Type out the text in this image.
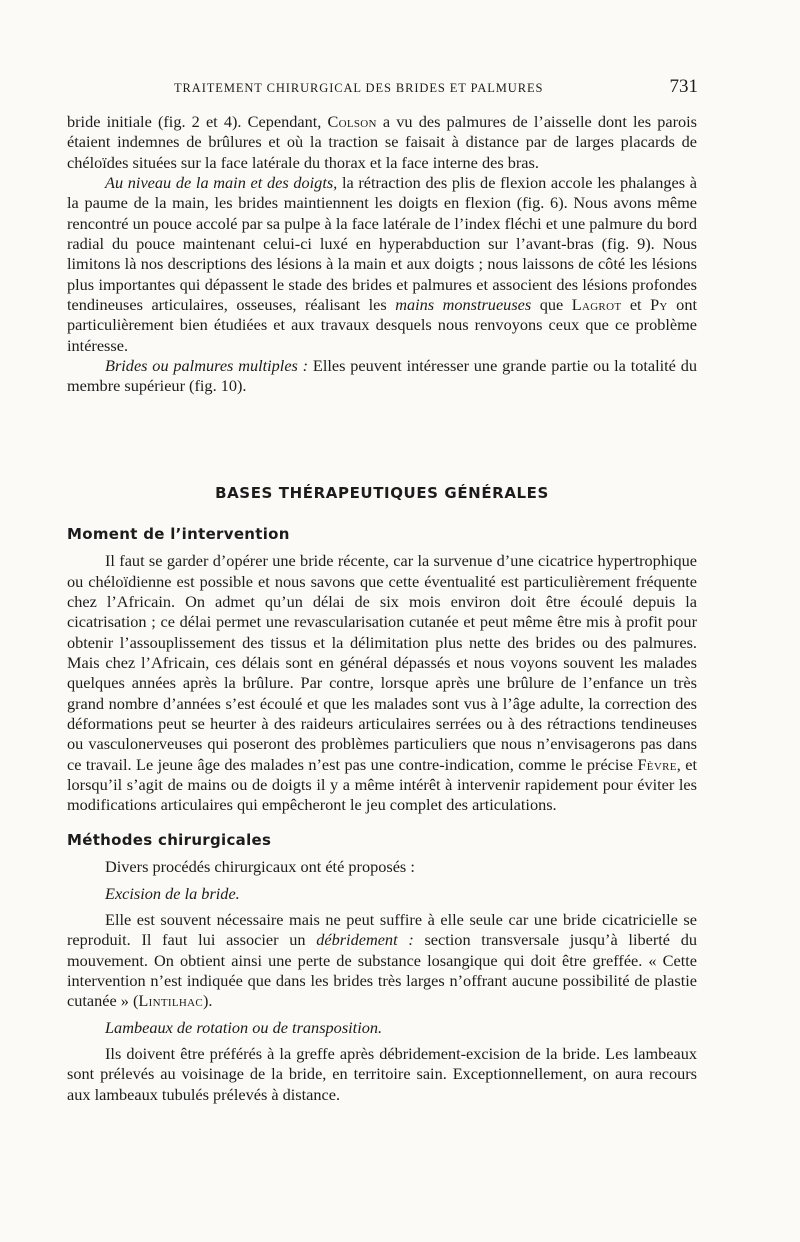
TRAITEMENT CHIRURGICAL DES BRIDES ET PALMURES	731

bride initiale (fig. 2 et 4). Cependant, Colson a vu des palmures de l’aisselle dont les parois étaient indemnes de brûlures et où la traction se faisait à distance par de larges placards de chéloïdes situées sur la face latérale du thorax et la face interne des bras.

Au niveau de la main et des doigts, la rétraction des plis de flexion accole les phalanges à la paume de la main, les brides maintiennent les doigts en flexion (fig. 6). Nous avons même rencontré un pouce accolé par sa pulpe à la face latérale de l’index fléchi et une palmure du bord radial du pouce maintenant celui-ci luxé en hyperabduction sur l’avant-bras (fig. 9). Nous limitons là nos descriptions des lésions à la main et aux doigts ; nous laissons de côté les lésions plus importantes qui dépassent le stade des brides et palmures et associent des lésions profondes tendineuses articulaires, osseuses, réalisant les mains monstrueuses que Lagrot et Py ont particulièrement bien étudiées et aux travaux desquels nous renvoyons ceux que ce problème intéresse.

Brides ou palmures multiples : Elles peuvent intéresser une grande partie ou la totalité du membre supérieur (fig. 10).

BASES THÉRAPEUTIQUES GÉNÉRALES
Moment de l’intervention

Il faut se garder d’opérer une bride récente, car la survenue d’une cicatrice hypertrophique ou chéloïdienne est possible et nous savons que cette éventualité est particulièrement fréquente chez l’Africain. On admet qu’un délai de six mois environ doit être écoulé depuis la cicatrisation ; ce délai permet une revascularisation cutanée et peut même être mis à profit pour obtenir l’assouplissement des tissus et la délimitation plus nette des brides ou des palmures. Mais chez l’Africain, ces délais sont en général dépassés et nous voyons souvent les malades quelques années après la brûlure. Par contre, lorsque après une brûlure de l’enfance un très grand nombre d’années s’est écoulé et que les malades sont vus à l’âge adulte, la correction des déformations peut se heurter à des raideurs articulaires serrées ou à des rétractions tendineuses ou vasculonerveuses qui poseront des problèmes particuliers que nous n’envisagerons pas dans ce travail. Le jeune âge des malades n’est pas une contre-indication, comme le précise Fèvre, et lorsqu’il s’agit de mains ou de doigts il y a même intérêt à intervenir rapidement pour éviter les modifications articulaires qui empêcheront le jeu complet des articulations.

Méthodes chirurgicales

Divers procédés chirurgicaux ont été proposés :

Excision de la bride.

Elle est souvent nécessaire mais ne peut suffire à elle seule car une bride cicatricielle se reproduit. Il faut lui associer un débridement : section transversale jusqu’à liberté du mouvement. On obtient ainsi une perte de substance losangique qui doit être greffée. « Cette intervention n’est indiquée que dans les brides très larges n’offrant aucune possibilité de plastie cutanée » (Lintilhac).

Lambeaux de rotation ou de transposition.

Ils doivent être préférés à la greffe après débridement-excision de la bride. Les lambeaux sont prélevés au voisinage de la bride, en territoire sain. Exceptionnellement, on aura recours aux lambeaux tubulés prélevés à distance.
